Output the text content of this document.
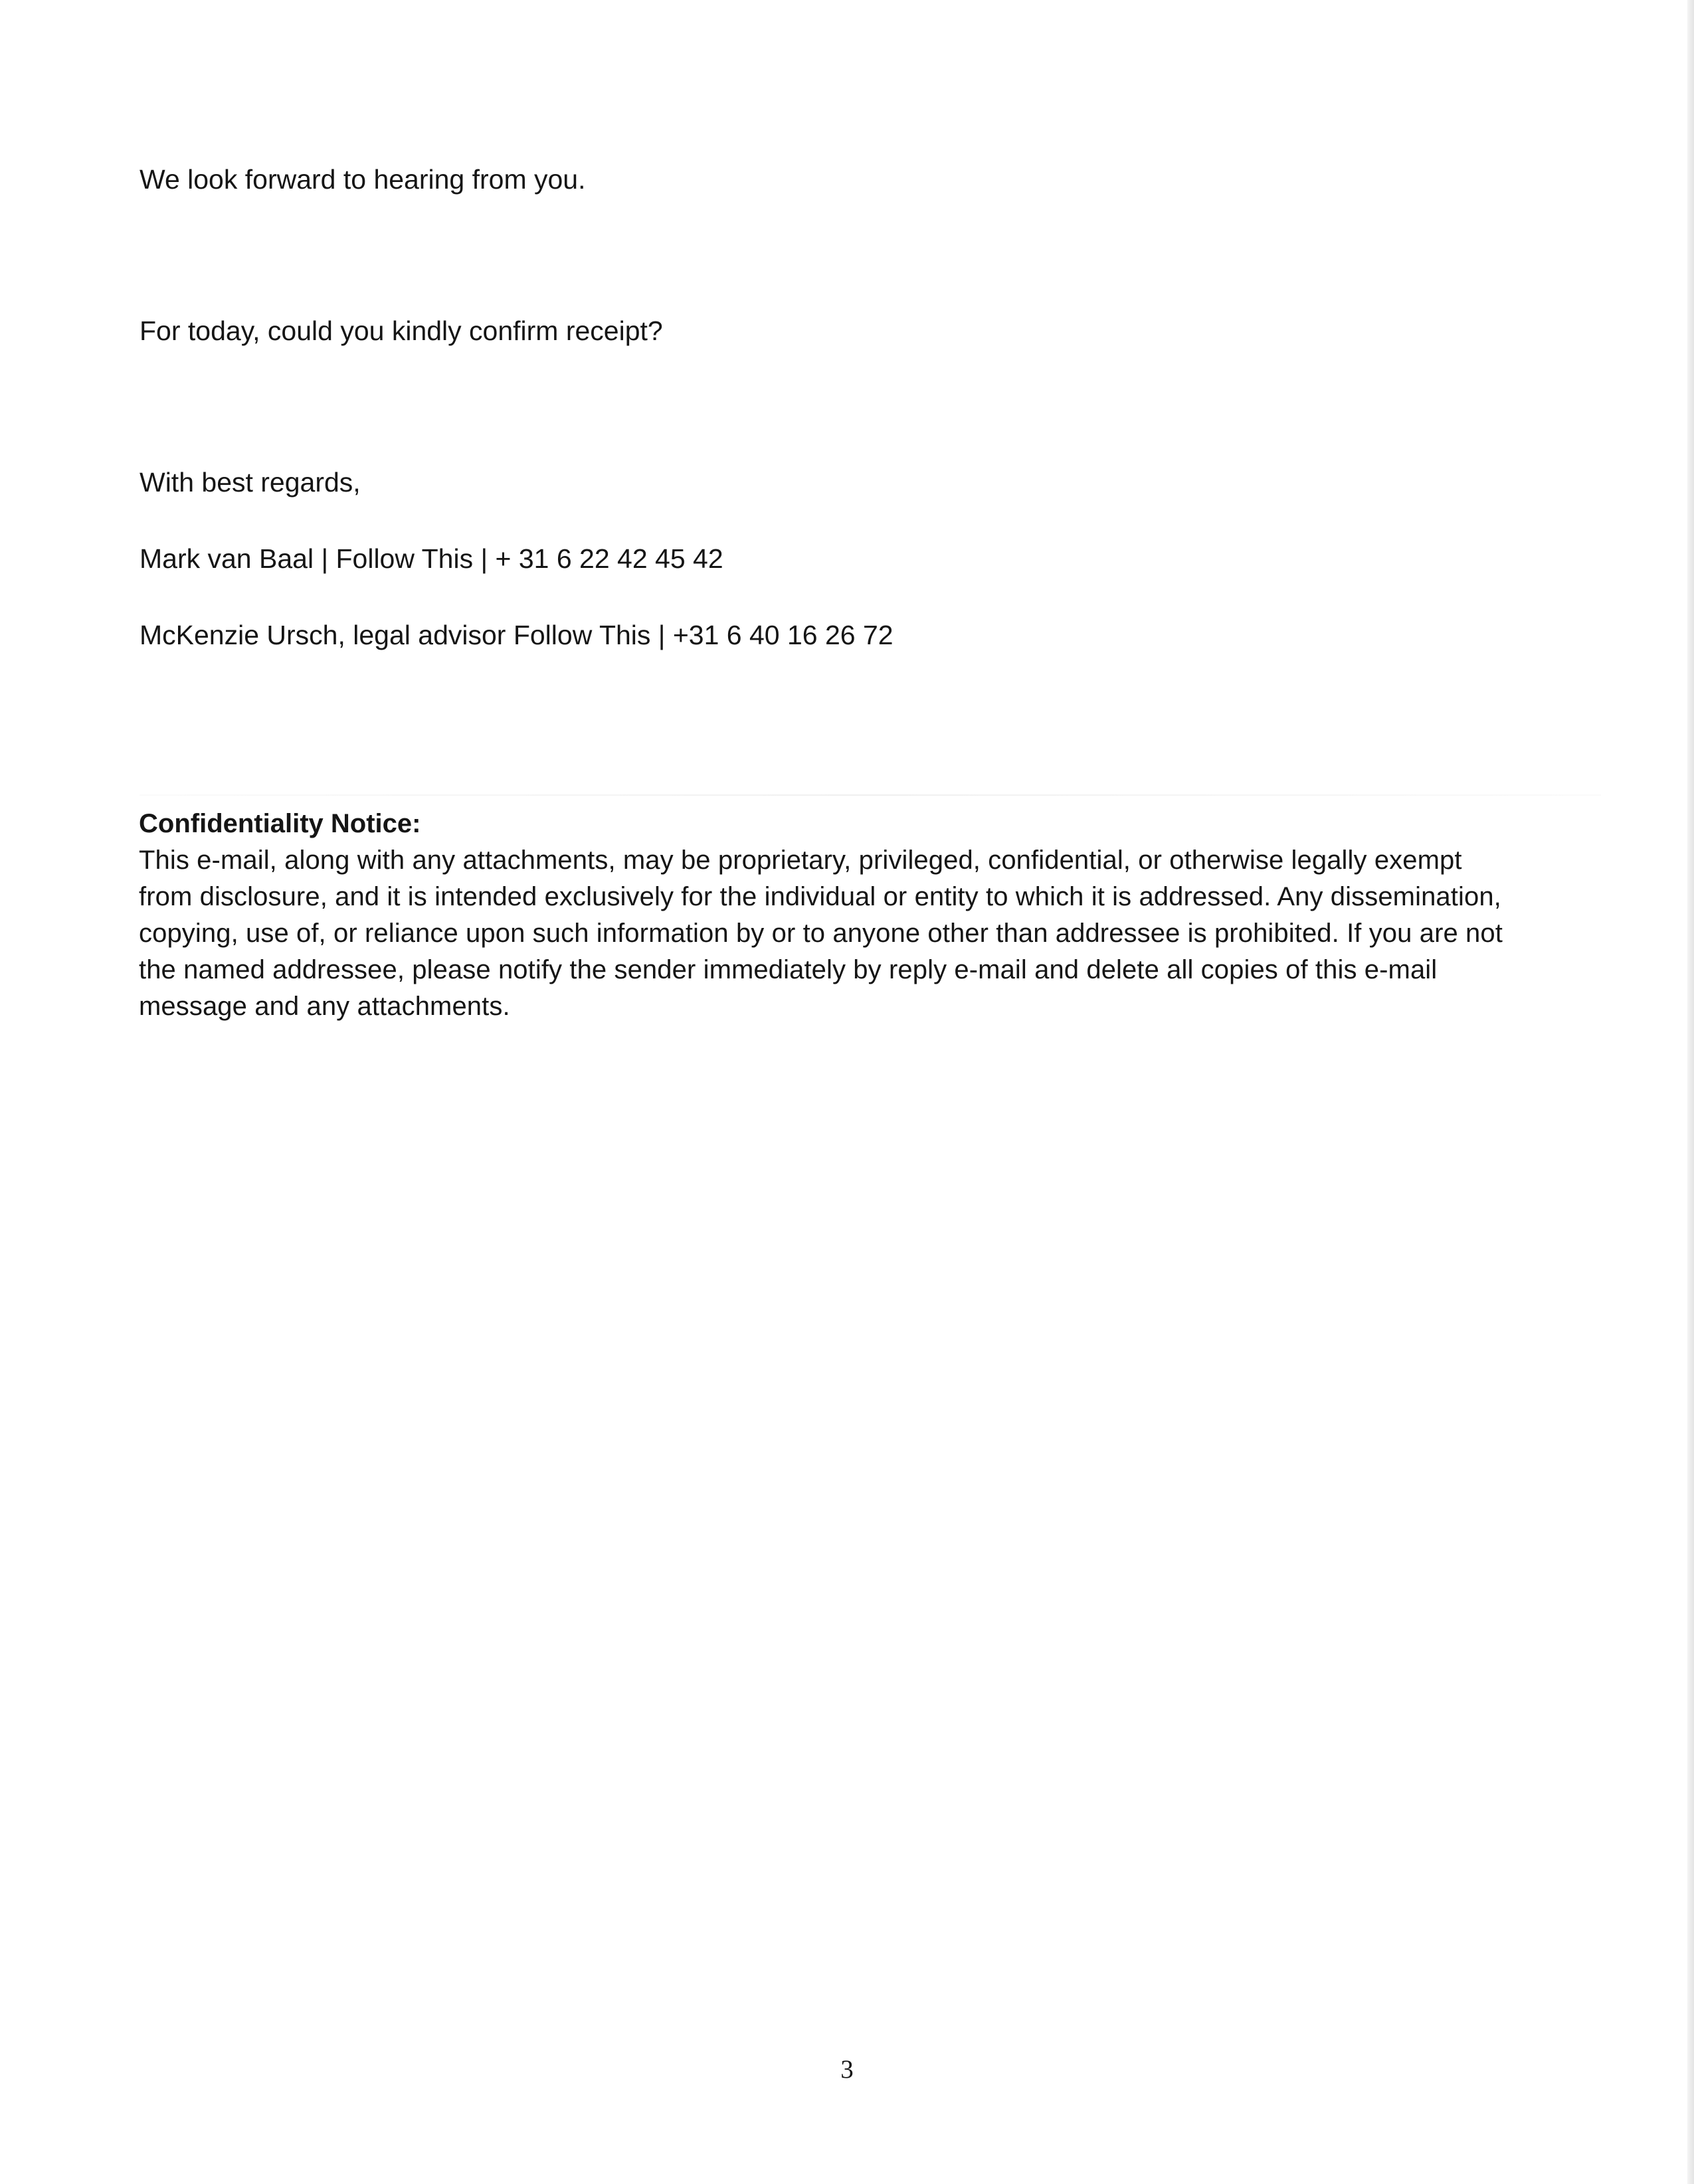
We look forward to hearing from you.

For today, could you kindly confirm receipt?

With best regards,

Mark van Baal | Follow This | + 31 6 22 42 45 42

McKenzie Ursch, legal advisor Follow This | +31 6 40 16 26 72

Confidentiality Notice:

This e-mail, along with any attachments, may be proprietary, privileged, confidential, or otherwise legally exempt
from disclosure, and it is intended exclusively for the individual or entity to which it is addressed. Any dissemination,
copying, use of, or reliance upon such information by or to anyone other than addressee is prohibited. If you are not
the named addressee, please notify the sender immediately by reply e-mail and delete all copies of this e-mail
message and any attachments.

3
